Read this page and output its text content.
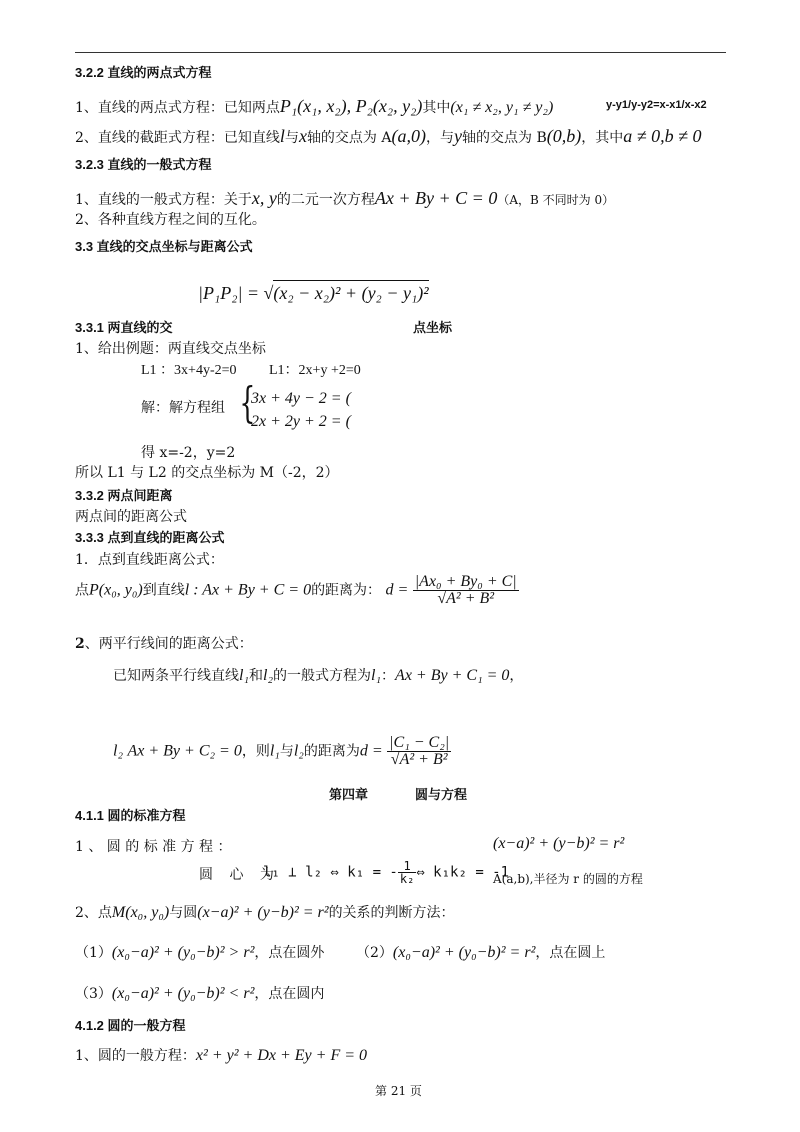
3.2.2 直线的两点式方程
1、直线的两点式方程：已知两点P₁(x₁, x₂), P₂(x₂, y₂)其中(x₁ ≠ x₂, y₁ ≠ y₂)	y-y1/y-y2=x-x1/x-x2
2、直线的截距式方程：已知直线l与x轴的交点为 A(a,0)，与y轴的交点为 B(0,b)，其中a ≠ 0,b ≠ 0
3.2.3 直线的一般式方程
1、直线的一般式方程：关于x, y的二元一次方程Ax + By + C = 0（A，B 不同时为 0）
2、各种直线方程之间的互化。
3.3 直线的交点坐标与距离公式
|P₁P₂| = √(x₂ − x₂)² + (y₂ − y₁)²
3.3.1 两直线的交	点坐标
1、给出例题：两直线交点坐标
L1 ：3x+4y-2=0 L1：2x+y +2=0
解：解方程组 {
3x + 4y − 2 = (
2x + 2y + 2 = (
得 x=-2，y=2
所以 L1 与 L2 的交点坐标为 M（-2，2）
3.3.2 两点间距离
两点间的距离公式
3.3.3 点到直线的距离公式
1．点到直线距离公式：
点P(x₀, y₀)到直线l : Ax + By + C = 0的距离为： $d = \frac{\text{|Ax₀ + By₀ + C|}}{\text{√A² + B²}}$
2、两平行线间的距离公式：
已知两条平行线直线l₁和l₂的一般式方程为l₁：Ax + By + C₁ = 0，
l₂ Ax + By + C₂ = 0，则l₁与l₂的距离为$d = \frac{\text{|C₁ − C₂|}}{\text{√A² + B²}}$
第四章	圆与方程
4.1.1 圆的标准方程
1 、 圆 的 标 准 方 程 ：	(x−a)² + (y−b)² = r²
圆 心 为
l₁ ⊥ l₂ ⇔ k₁ = - $\frac{1}{\text{k₂}}$ ⇔ k₁k₂ = -1
A(a,b),半径为 r 的圆的方程
2、点M(x₀, y₀)与圆(x−a)² + (y−b)² = r²的关系的判断方法：
（1）(x₀−a)² + (y₀−b)² > r²，点在圆外 （2）(x₀−a)² + (y₀−b)² = r²，点在圆上
（3）(x₀−a)² + (y₀−b)² < r²，点在圆内
4.1.2 圆的一般方程
1、圆的一般方程：x² + y² + Dx + Ey + F = 0
第 21 页
